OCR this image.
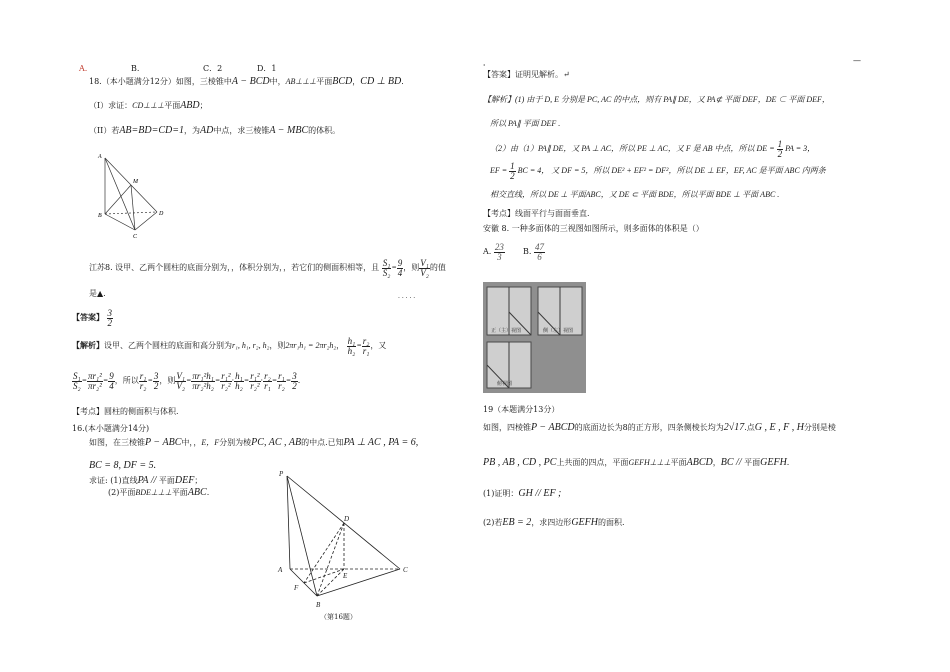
A.	B.	C．2	D．1
18.（本小题满分12分）如图，三棱锥中A − BCD中，AB⊥⊥⊥平面BCD，CD ⊥ BD．
（I）求证：CD⊥⊥⊥平面ABD；
（II）若AB=BD=CD=1，为AD中点，求三棱锥A − MBC的体积。
A
M
B	D
C
江苏8. 设甲、乙两个圆柱的底面分别为，，体积分别为，，若它们的侧面积相等，且 $\frac{\text{S₁}}{\text{S₂}} = \frac{9}{4}$ ，则 $\frac{\text{V₁}}{\text{V₂}}$ 的值
是▲.	. . . . .
【答案】 $\frac{3}{2}$
【解析】设甲、乙两个圆柱的底面和高分别为r₁, h₁, r₂, h₂，则2πr₁h₁ = 2πr₂h₂， $\frac{\text{h₁}}{\text{h₂}} = \frac{\text{r₂}}{\text{r₁}}$ ，又
$\frac{\text{S₁}}{\text{S₂}} = \frac{\text{πr₁²}}{\text{πr₂²}} = \frac{9}{4}$ ，所以 $\frac{\text{r₁}}{\text{r₂}} = \frac{3}{2}$ ，则 $\frac{\text{V₁}}{\text{V₂}} = \frac{\text{πr₁²h₁}}{\text{πr₂²h₂}} = \frac{\text{r₁²}}{\text{r₂²}} \cdot \frac{\text{h₁}}{\text{h₂}} = \frac{\text{r₁²}}{\text{r₂²}} \cdot \frac{\text{r₂}}{\text{r₁}} = \frac{\text{r₁}}{\text{r₂}} = \frac{3}{2}$ .
【考点】圆柱的侧面积与体积.
16.(本小题满分14分)
如图，在三棱锥P − ABC中，，E，F分别为棱PC, AC , AB的中点.已知PA ⊥ AC , PA = 6,
BC = 8, DF = 5.
求证: (1)直线PA // 平面DEF；
(2)平面BDE⊥⊥⊥平面ABC.
P
D
A
E
C
F
B
（第16题）
ˌ	—
【答案】证明见解析。↵
【解析】(1) 由于 D, E 分别是 PC, AC 的中点，则有 PA∥ DE，又 PA⊄ 平面 DEF，DE ⊂ 平面 DEF，
所以 PA∥ 平面 DEF .
（2）由（1）PA∥ DE，又 PA ⊥ AC，所以 PE ⊥ AC，又 F 是 AB 中点，所以 DE = $\frac{1}{2}$ PA = 3，
EF = $\frac{1}{2}$ BC = 4， 又 DF = 5，所以 DE² + EF² = DF²，所以 DE ⊥ EF，EF, AC 是平面 ABC 内两条
相交直线，所以 DE ⊥ 平面ABC，又 DE ⊂ 平面 BDE，所以平面 BDE ⊥ 平面 ABC .
【考点】线面平行与面面垂直.
安徽 8. 一种多面体的三视图如图所示，则多面体的体积是（）
A. $\frac{23}{3} B$. $\frac{47}{6}$
正（主）视图	侧（左）视图
俯视图
19（本题满分13分）
如图，四棱锥P − ABCD的底面边长为8的正方形，四条侧棱长均为2√17.点G , E , F , H分别是棱
PB , AB , CD , PC上共面的四点，平面GEFH⊥⊥⊥平面ABCD，BC // 平面GEFH.
(1)证明：GH // EF ;
(2)若EB = 2，求四边形GEFH的面积.
